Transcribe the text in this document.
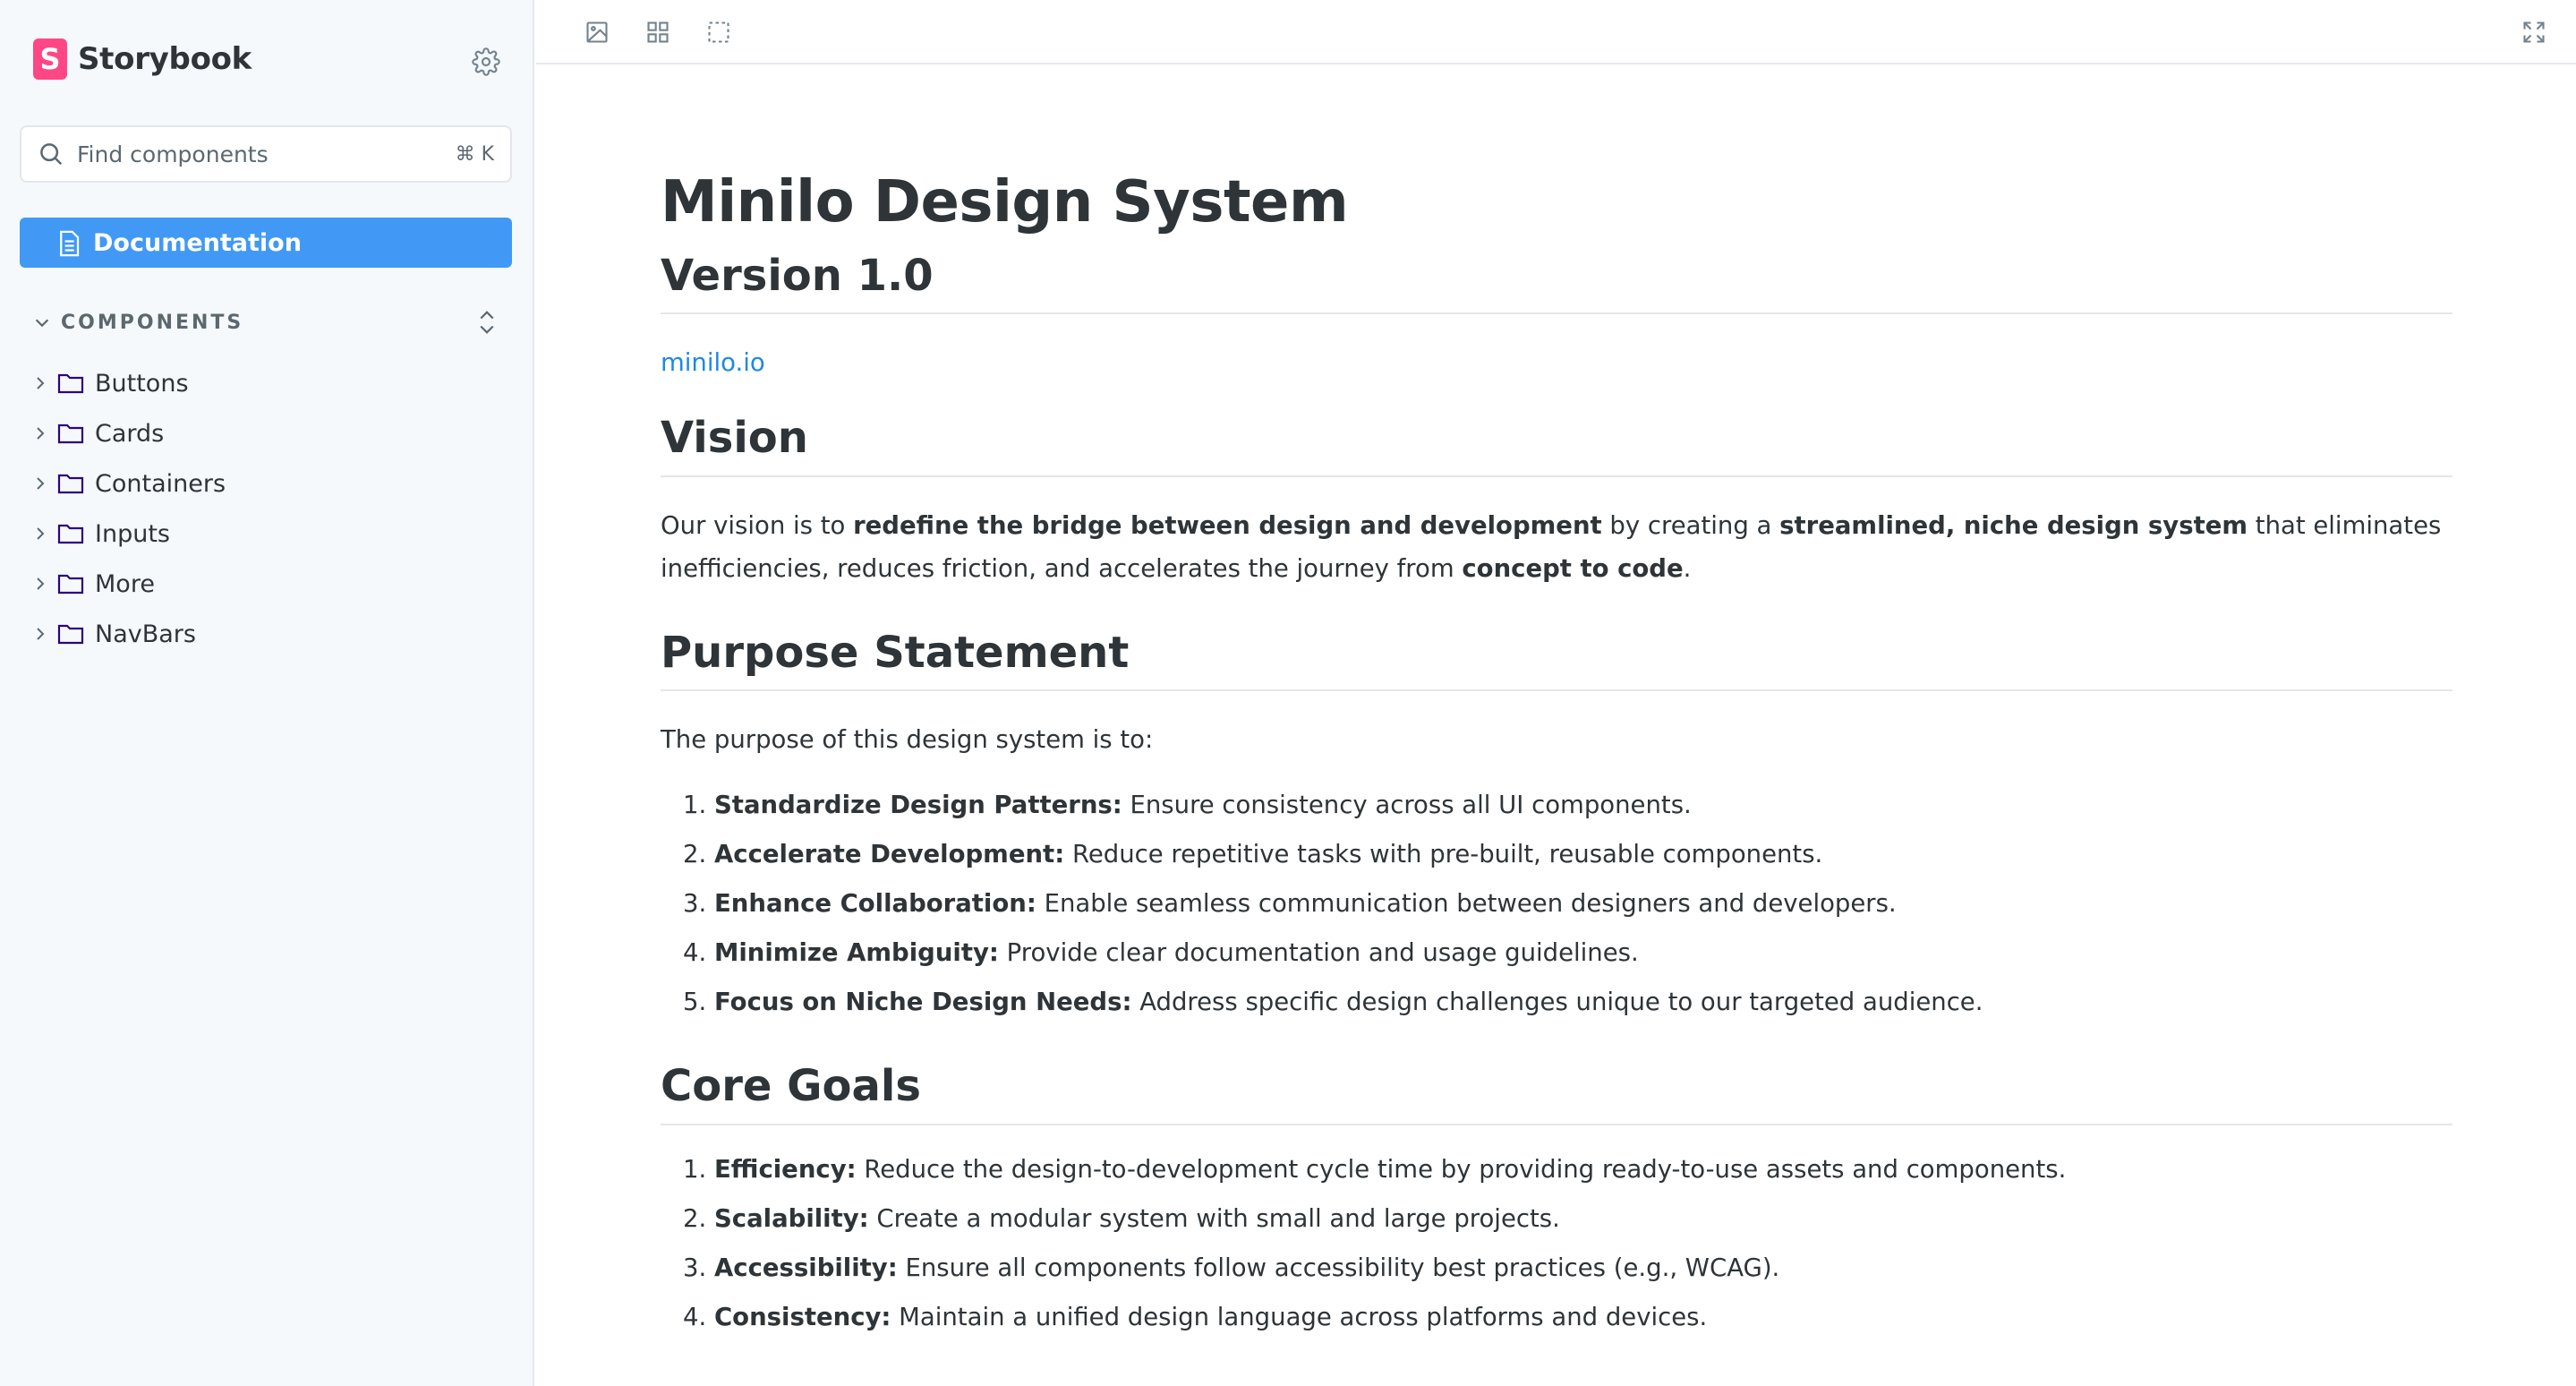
S Storybook
Find components
⌘ K
Documentation
COMPONENTS
Buttons
Cards
Containers
Inputs
More
NavBars
Minilo Design System
Version 1.0
minilo.io
Vision

Our vision is to redefine the bridge between design and development by creating a streamlined, niche design system that eliminates inefficiencies, reduces friction, and accelerates the journey from concept to code.

Purpose Statement

The purpose of this design system is to:

1. Standardize Design Patterns: Ensure consistency across all UI components.
2. Accelerate Development: Reduce repetitive tasks with pre-built, reusable components.
3. Enhance Collaboration: Enable seamless communication between designers and developers.
4. Minimize Ambiguity: Provide clear documentation and usage guidelines.
5. Focus on Niche Design Needs: Address specific design challenges unique to our targeted audience.
Core Goals
1. Efficiency: Reduce the design-to-development cycle time by providing ready-to-use assets and components.
2. Scalability: Create a modular system with small and large projects.
3. Accessibility: Ensure all components follow accessibility best practices (e.g., WCAG).
4. Consistency: Maintain a unified design language across platforms and devices.
